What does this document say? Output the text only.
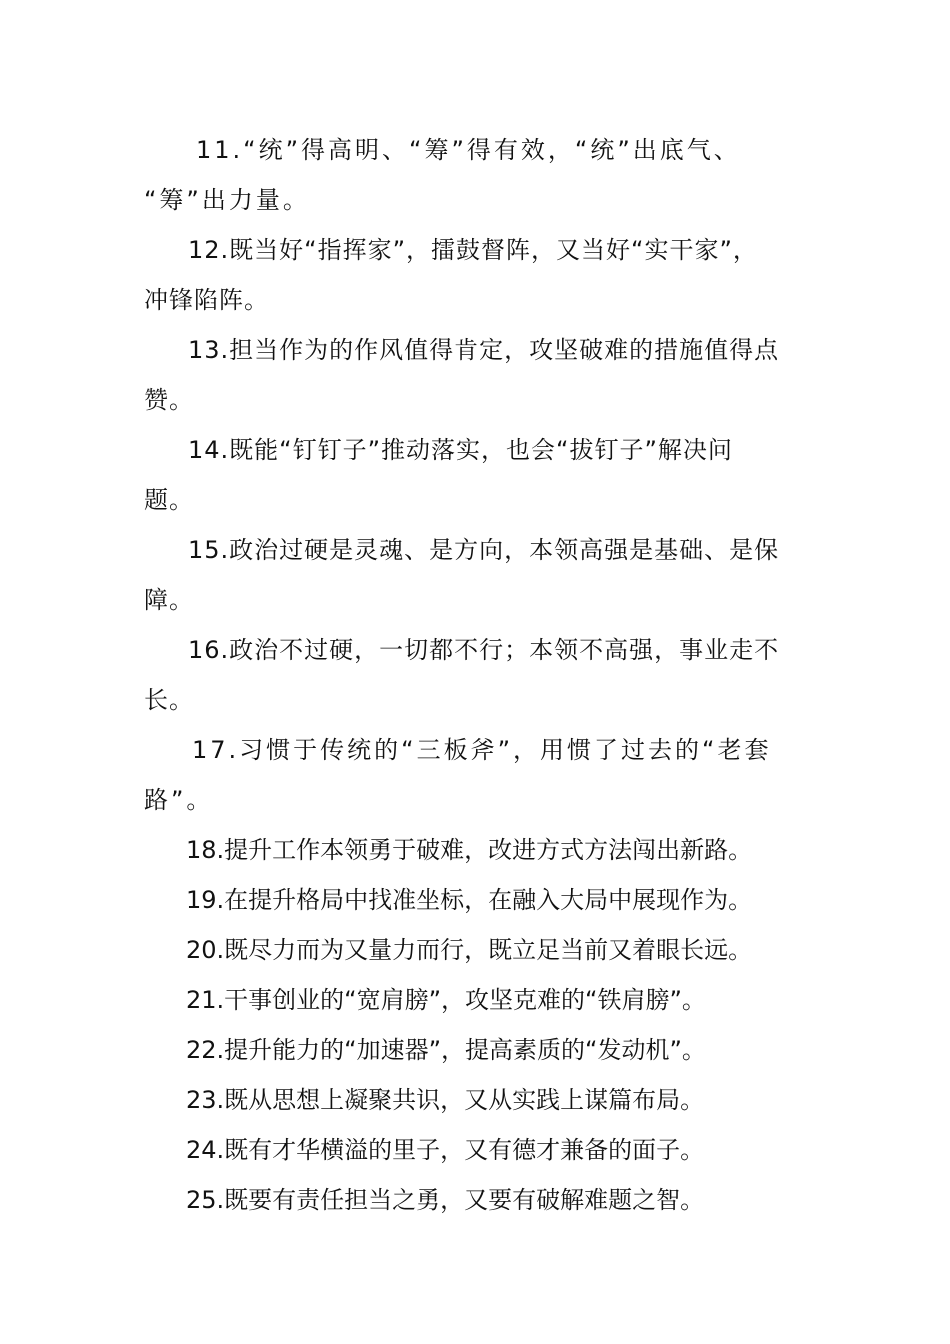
11.“统”得高明、“筹”得有效，“统”出底气、
“筹”出力量。
12.既当好“指挥家”，擂鼓督阵，又当好“实干家”，
冲锋陷阵。
13.担当作为的作风值得肯定，攻坚破难的措施值得点
赞。
14.既能“钉钉子”推动落实，也会“拔钉子”解决问
题。
15.政治过硬是灵魂、是方向，本领高强是基础、是保
障。
16.政治不过硬，一切都不行；本领不高强，事业走不
长。
17.习惯于传统的“三板斧”，用惯了过去的“老套
路”。
18.提升工作本领勇于破难，改进方式方法闯出新路。
19.在提升格局中找准坐标，在融入大局中展现作为。
20.既尽力而为又量力而行，既立足当前又着眼长远。
21.干事创业的“宽肩膀”，攻坚克难的“铁肩膀”。
22.提升能力的“加速器”，提高素质的“发动机”。
23.既从思想上凝聚共识，又从实践上谋篇布局。
24.既有才华横溢的里子，又有德才兼备的面子。
25.既要有责任担当之勇，又要有破解难题之智。
